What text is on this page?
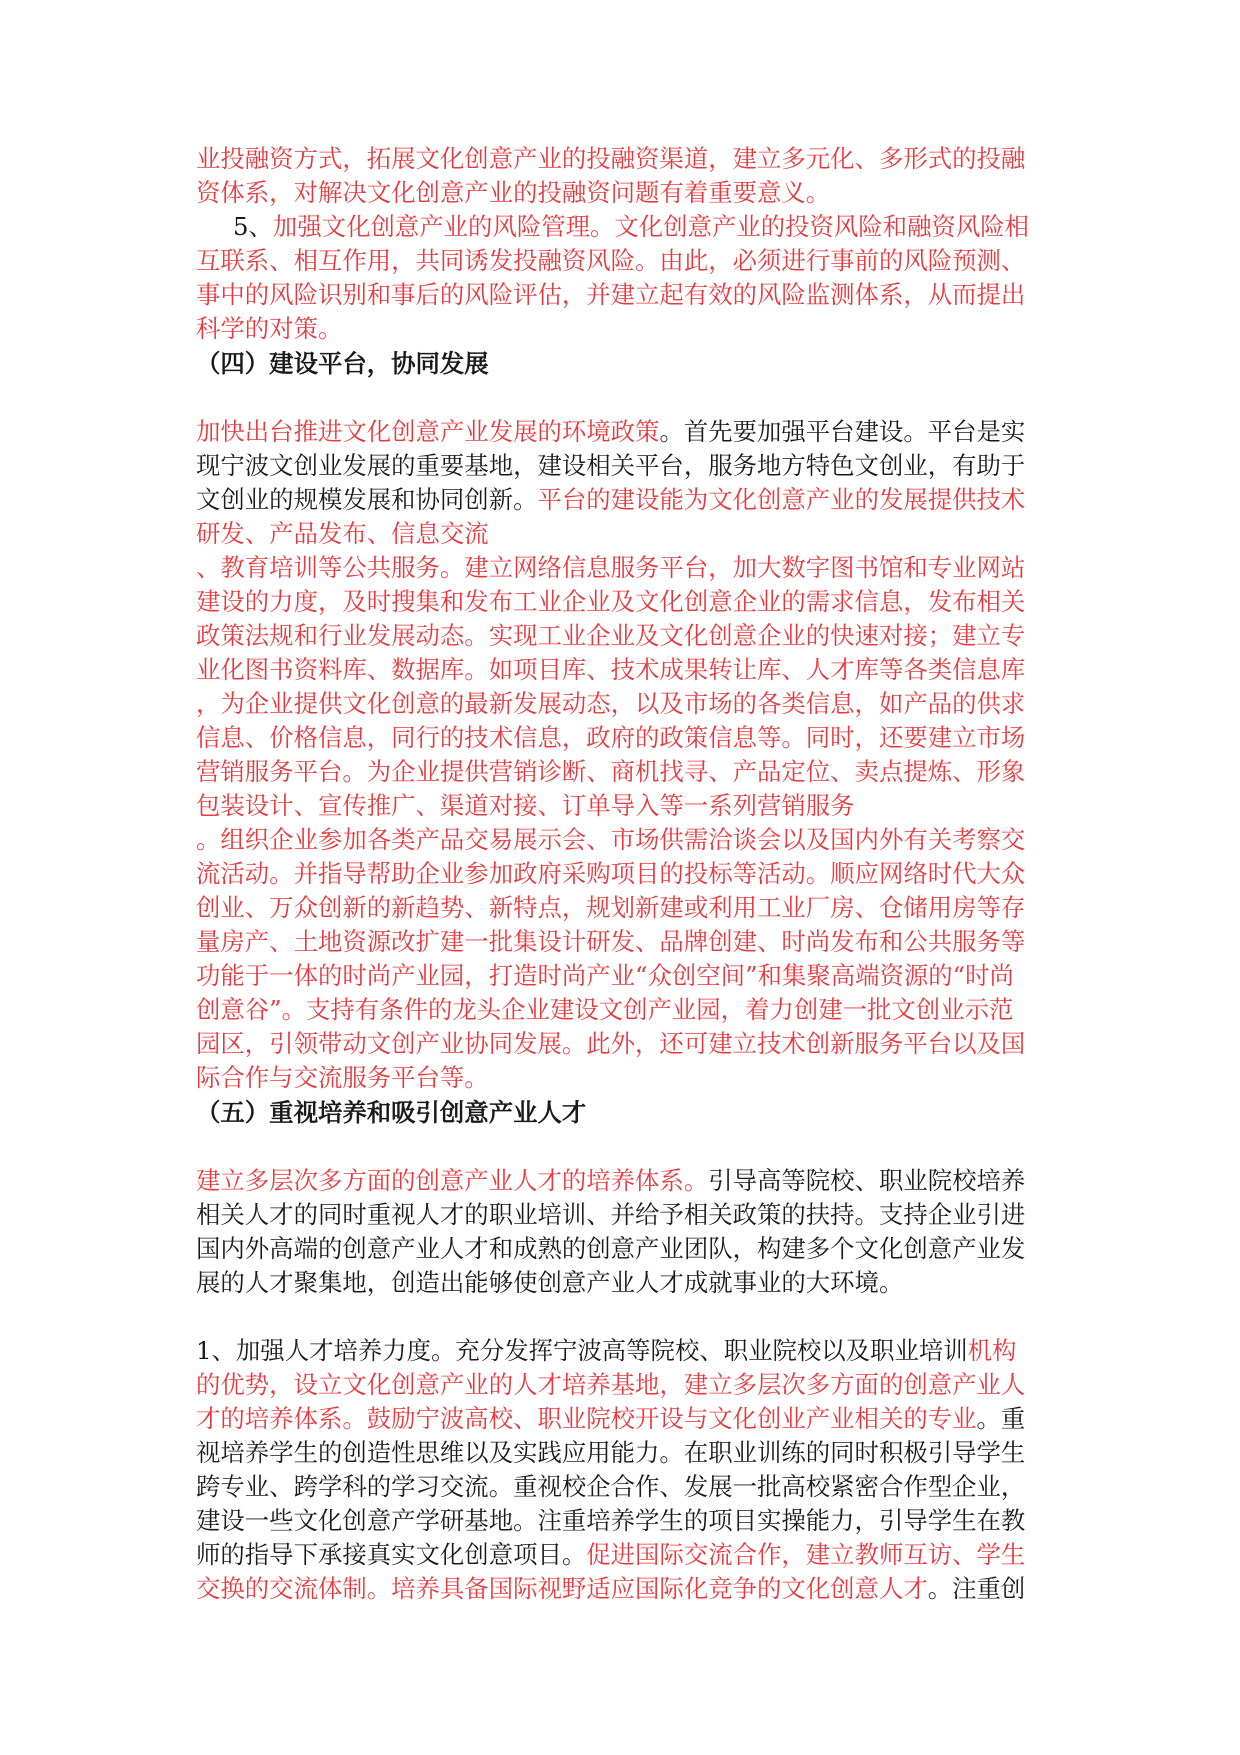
业投融资方式，拓展文化创意产业的投融资渠道，建立多元化、多形式的投融
资体系，对解决文化创意产业的投融资问题有着重要意义。
5、加强文化创意产业的风险管理。文化创意产业的投资风险和融资风险相
互联系、相互作用，共同诱发投融资风险。由此，必须进行事前的风险预测、
事中的风险识别和事后的风险评估，并建立起有效的风险监测体系，从而提出
科学的对策。
（四）建设平台，协同发展
加快出台推进文化创意产业发展的环境政策。首先要加强平台建设。平台是实
现宁波文创业发展的重要基地，建设相关平台，服务地方特色文创业，有助于
文创业的规模发展和协同创新。平台的建设能为文化创意产业的发展提供技术
研发、产品发布、信息交流
、教育培训等公共服务。建立网络信息服务平台，加大数字图书馆和专业网站
建设的力度，及时搜集和发布工业企业及文化创意企业的需求信息，发布相关
政策法规和行业发展动态。实现工业企业及文化创意企业的快速对接；建立专
业化图书资料库、数据库。如项目库、技术成果转让库、人才库等各类信息库
，为企业提供文化创意的最新发展动态，以及市场的各类信息，如产品的供求
信息、价格信息，同行的技术信息，政府的政策信息等。同时，还要建立市场
营销服务平台。为企业提供营销诊断、商机找寻、产品定位、卖点提炼、形象
包装设计、宣传推广、渠道对接、订单导入等一系列营销服务
。组织企业参加各类产品交易展示会、市场供需洽谈会以及国内外有关考察交
流活动。并指导帮助企业参加政府采购项目的投标等活动。顺应网络时代大众
创业、万众创新的新趋势、新特点，规划新建或利用工业厂房、仓储用房等存
量房产、土地资源改扩建一批集设计研发、品牌创建、时尚发布和公共服务等
功能于一体的时尚产业园，打造时尚产业“众创空间”和集聚高端资源的“时尚
创意谷”。支持有条件的龙头企业建设文创产业园，着力创建一批文创业示范
园区，引领带动文创产业协同发展。此外，还可建立技术创新服务平台以及国
际合作与交流服务平台等。
（五）重视培养和吸引创意产业人才
建立多层次多方面的创意产业人才的培养体系。引导高等院校、职业院校培养
相关人才的同时重视人才的职业培训、并给予相关政策的扶持。支持企业引进
国内外高端的创意产业人才和成熟的创意产业团队，构建多个文化创意产业发
展的人才聚集地，创造出能够使创意产业人才成就事业的大环境。
1、加强人才培养力度。充分发挥宁波高等院校、职业院校以及职业培训机构
的优势，设立文化创意产业的人才培养基地，建立多层次多方面的创意产业人
才的培养体系。鼓励宁波高校、职业院校开设与文化创业产业相关的专业。重
视培养学生的创造性思维以及实践应用能力。在职业训练的同时积极引导学生
跨专业、跨学科的学习交流。重视校企合作、发展一批高校紧密合作型企业，
建设一些文化创意产学研基地。注重培养学生的项目实操能力，引导学生在教
师的指导下承接真实文化创意项目。促进国际交流合作，建立教师互访、学生
交换的交流体制。培养具备国际视野适应国际化竞争的文化创意人才。注重创
